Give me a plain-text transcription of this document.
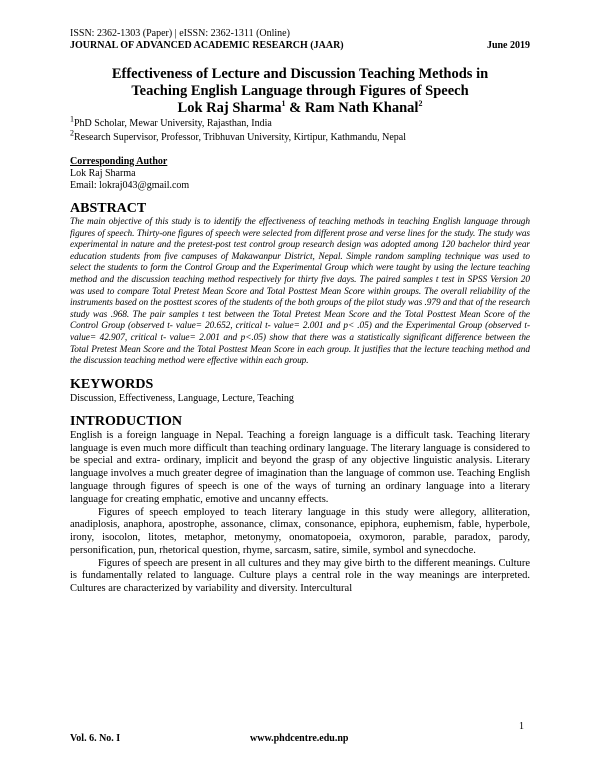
ISSN: 2362-1303 (Paper) | eISSN: 2362-1311 (Online)
JOURNAL OF ADVANCED ACADEMIC RESEARCH (JAAR)	June 2019
Effectiveness of Lecture and Discussion Teaching Methods in
Teaching English Language through Figures of Speech
Lok Raj Sharma$^1$ & Ram Nath Khanal$^2$
$^1$PhD Scholar, Mewar University, Rajasthan, India
$^2$Research Supervisor, Professor, Tribhuvan University, Kirtipur, Kathmandu, Nepal
Corresponding Author
Lok Raj Sharma
Email: lokraj043@gmail.com
ABSTRACT
The main objective of this study is to identify the effectiveness of teaching methods in teaching English language through figures of speech. Thirty-one figures of speech were selected from different prose and verse lines for the study. The study was experimental in nature and the pretest-post test control group research design was adopted among 120 bachelor third year education students from five campuses of Makawanpur District, Nepal. Simple random sampling technique was used to select the students to form the Control Group and the Experimental Group which were taught by using the lecture teaching method and the discussion teaching method respectively for thirty five days. The paired samples t test in SPSS Version 20 was used to compare Total Pretest Mean Score and Total Posttest Mean Score within groups. The overall reliability of the instruments based on the posttest scores of the students of the both groups of the pilot study was .979 and that of the research study was .968. The pair samples t test between the Total Pretest Mean Score and the Total Posttest Mean Score of the Control Group (observed t- value= 20.652, critical t- value= 2.001 and p< .05) and the Experimental Group (observed t- value= 42.907, critical t- value= 2.001 and p<.05) show that there was a statistically significant difference between the Total Pretest Mean Score and the Total Posttest Mean Score in each group. It justifies that the lecture teaching method and the discussion teaching method were effective within each group.
KEYWORDS
Discussion, Effectiveness, Language, Lecture, Teaching
INTRODUCTION

English is a foreign language in Nepal. Teaching a foreign language is a difficult task. Teaching literary language is even much more difficult than teaching ordinary language. The literary language is considered to be special and extra- ordinary, implicit and beyond the grasp of any objective linguistic analysis. Literary language involves a much greater degree of imagination than the language of common use. Teaching English language through figures of speech is one of the ways of turning an ordinary language into a literary language for creating emphatic, emotive and uncanny effects.

Figures of speech employed to teach literary language in this study were allegory, alliteration, anadiplosis, anaphora, apostrophe, assonance, climax, consonance, epiphora, euphemism, fable, hyperbole, irony, isocolon, litotes, metaphor, metonymy, onomatopoeia, oxymoron, parable, paradox, parody, personification, pun, rhetorical question, rhyme, sarcasm, satire, simile, symbol and synecdoche.

Figures of speech are present in all cultures and they may give birth to the different meanings. Culture is fundamentally related to language. Culture plays a central role in the way meanings are interpreted. Cultures are characterized by variability and diversity. Intercultural

1
Vol. 6. No. I	www.phdcentre.edu.np
